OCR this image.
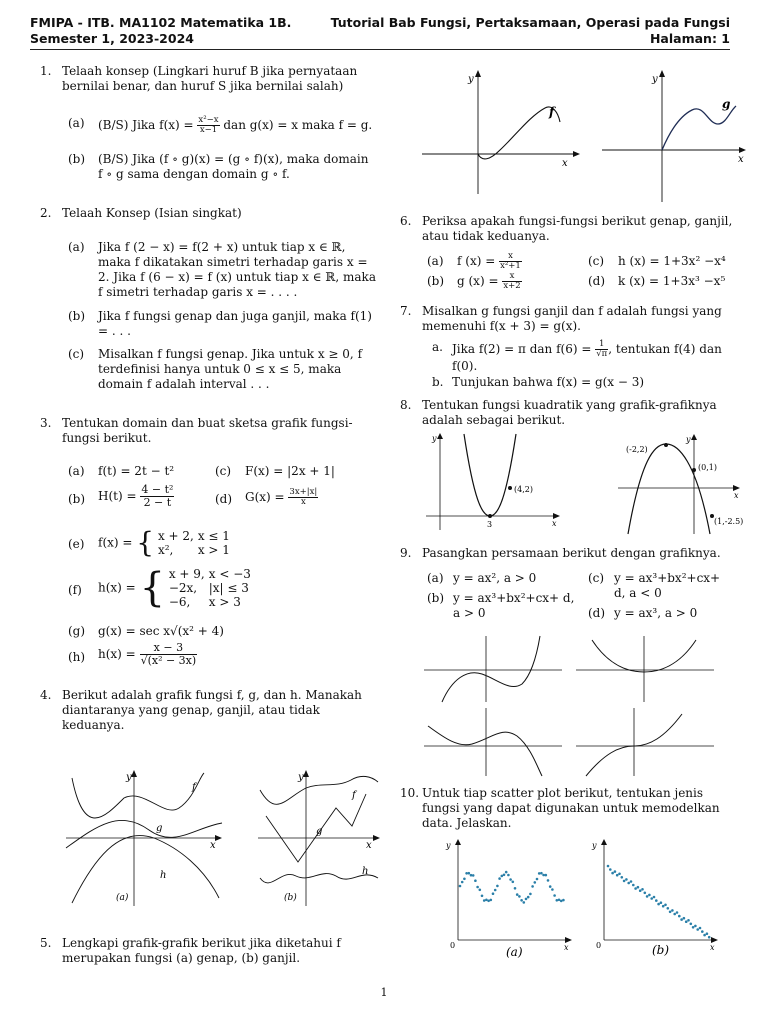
FMIPA - ITB. MA1102 Matematika 1B.
Semester 1, 2023-2024
Tutorial Bab Fungsi, Pertaksamaan, Operasi pada Fungsi
Halaman: 1
1. Telaah konsep (Lingkari huruf B jika pernyataan bernilai benar, dan huruf S jika bernilai salah)
(a) (B/S) Jika $f(x) = \frac{\text{x²−x}}{x-1}$ dan g(x) = x maka f = g.
(b) (B/S) Jika (f ∘ g)(x) = (g ∘ f)(x), maka domain f ∘ g sama dengan domain g ∘ f.
2. Telaah Konsep (Isian singkat)
(a) Jika f (2 − x) = f(2 + x) untuk tiap x ∈ ℝ, maka f dikatakan simetri terhadap garis x = 2. Jika f (6 − x) = f (x) untuk tiap x ∈ ℝ, maka f simetri terhadap garis x = . . . .
(b) Jika f fungsi genap dan juga ganjil, maka f(1) = . . .
(c) Misalkan f fungsi genap. Jika untuk x ≥ 0, f terdefinisi hanya untuk 0 ≤ x ≤ 5, maka domain f adalah interval . . .
3. Tentukan domain dan buat sketsa grafik fungsi-fungsi berikut.
(a) f(t) = 2t − t²	(c) F(x) = |2x + 1|
(b) $H(t) = \frac{\text{4 − t²}}{2 - t}$	(d) $G(x) = \frac{3x+|x|}{x}$
(e) f(x) = { x + 2,	x ≤ 1
x²,	x > 1
(f) h(x) = { x + 9,	x < −3
−2x,	|x| ≤ 3
−6,	x > 3
(g) g(x) = sec x√(x² + 4)
(h) $h(x) = \frac{x - 3}{\text{√(x² − 3x)}}$
4. Berikut adalah grafik fungsi f, g, dan h. Manakah diantaranya yang genap, ganjil, atau tidak keduanya.
5. Lengkapi grafik-grafik berikut jika diketahui f merupakan fungsi (a) genap, (b) ganjil.
y
x
f
g
h
(a)
y
x
f
g
h
(b)
y
x
f
y
x
g
6. Periksa apakah fungsi-fungsi berikut genap, ganjil, atau tidak keduanya.
(a) f $(x) = \frac{x}{\text{x²+1}}$	(c) h (x) = 1+3x² −x⁴
(b) g $(x) = \frac{x}{x+2}$	(d) k (x) = 1+3x³ −x⁵
7. Misalkan g fungsi ganjil dan f adalah fungsi yang memenuhi f(x + 3) = g(x).
a. Jika f(2) = π dan $f(6) = \frac{1}{√\pi}$ , tentukan f(4) dan f(0).
b. Tunjukan bahwa f(x) = g(x − 3)
8. Tentukan fungsi kuadratik yang grafik-grafiknya adalah sebagai berikut.
y
x
(4,2)
3
y
x
(-2,2)
(0,1)
(1,-2.5)
9. Pasangkan persamaan berikut dengan grafiknya.
(a) y = ax², a > 0	(c) y = ax³+bx²+cx+ d, a < 0
(b) y = ax³+bx²+cx+ d, a > 0	(d) y = ax³, a > 0
10. Untuk tiap scatter plot berikut, tentukan jenis fungsi yang dapat digunakan untuk memodelkan data. Jelaskan.
y
x
0	(a)
y
x
0	(b)
1
